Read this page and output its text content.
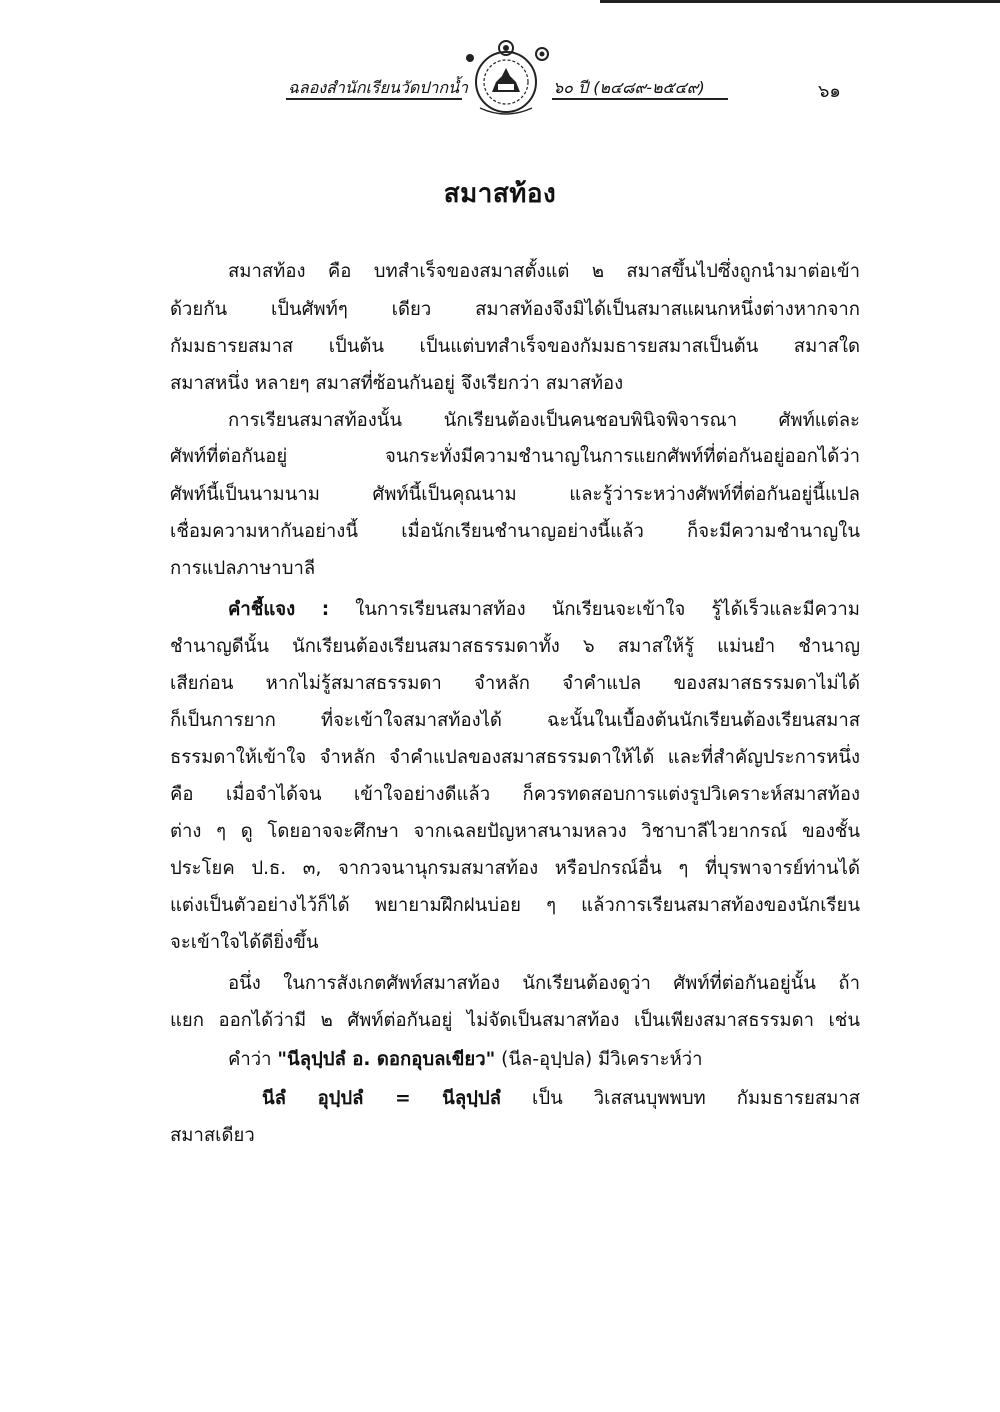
ฉลองสำนักเรียนวัดปากน้ำ	๖๐ ปี (๒๔๘๙-๒๕๔๙)	๖๑
สมาสท้อง
สมาสท้อง คือ บทสำเร็จของสมาสตั้งแต่ ๒ สมาสขึ้นไปซึ่งถูกนำมาต่อเข้า
ด้วยกัน เป็นศัพท์ๆ เดียว สมาสท้องจึงมิได้เป็นสมาสแผนกหนึ่งต่างหากจาก
กัมมธารยสมาส เป็นต้น เป็นแต่บทสำเร็จของกัมมธารยสมาสเป็นต้น สมาสใด
สมาสหนึ่ง หลายๆ สมาสที่ซ้อนกันอยู่ จึงเรียกว่า สมาสท้อง
การเรียนสมาสท้องนั้น นักเรียนต้องเป็นคนชอบพินิจพิจารณา ศัพท์แต่ละ
ศัพท์ที่ต่อกันอยู่ จนกระทั่งมีความชำนาญในการแยกศัพท์ที่ต่อกันอยู่ออกได้ว่า
ศัพท์นี้เป็นนามนาม ศัพท์นี้เป็นคุณนาม และรู้ว่าระหว่างศัพท์ที่ต่อกันอยู่นี้แปล
เชื่อมความหากันอย่างนี้ เมื่อนักเรียนชำนาญอย่างนี้แล้ว ก็จะมีความชำนาญใน
การแปลภาษาบาลี
คำชี้แจง : ในการเรียนสมาสท้อง นักเรียนจะเข้าใจ รู้ได้เร็วและมีความ
ชำนาญดีนั้น นักเรียนต้องเรียนสมาสธรรมดาทั้ง ๖ สมาสให้รู้ แม่นยำ ชำนาญ
เสียก่อน หากไม่รู้สมาสธรรมดา จำหลัก จำคำแปล ของสมาสธรรมดาไม่ได้
ก็เป็นการยาก ที่จะเข้าใจสมาสท้องได้ ฉะนั้นในเบื้องต้นนักเรียนต้องเรียนสมาส
ธรรมดาให้เข้าใจ จำหลัก จำคำแปลของสมาสธรรมดาให้ได้ และที่สำคัญประการหนึ่ง
คือ เมื่อจำได้จน เข้าใจอย่างดีแล้ว ก็ควรทดสอบการแต่งรูปวิเคราะห์สมาสท้อง
ต่าง ๆ ดู โดยอาจจะศึกษา จากเฉลยปัญหาสนามหลวง วิชาบาลีไวยากรณ์ ของชั้น
ประโยค ป.ธ. ๓, จากวจนานุกรมสมาสท้อง หรือปกรณ์อื่น ๆ ที่บุรพาจารย์ท่านได้
แต่งเป็นตัวอย่างไว้ก็ได้ พยายามฝึกฝนบ่อย ๆ แล้วการเรียนสมาสท้องของนักเรียน
จะเข้าใจได้ดียิ่งขึ้น
อนึ่ง ในการสังเกตศัพท์สมาสท้อง นักเรียนต้องดูว่า ศัพท์ที่ต่อกันอยู่นั้น ถ้า
แยก ออกได้ว่ามี ๒ ศัพท์ต่อกันอยู่ ไม่จัดเป็นสมาสท้อง เป็นเพียงสมาสธรรมดา เช่น
คำว่า "นีลุปฺปลํ อ. ดอกอุบลเขียว" (นีล-อุปฺปล) มีวิเคราะห์ว่า
นีลํ อุปฺปลํ = นีลุปฺปลํ เป็น วิเสสนบุพพบท กัมมธารยสมาส
สมาสเดียว
